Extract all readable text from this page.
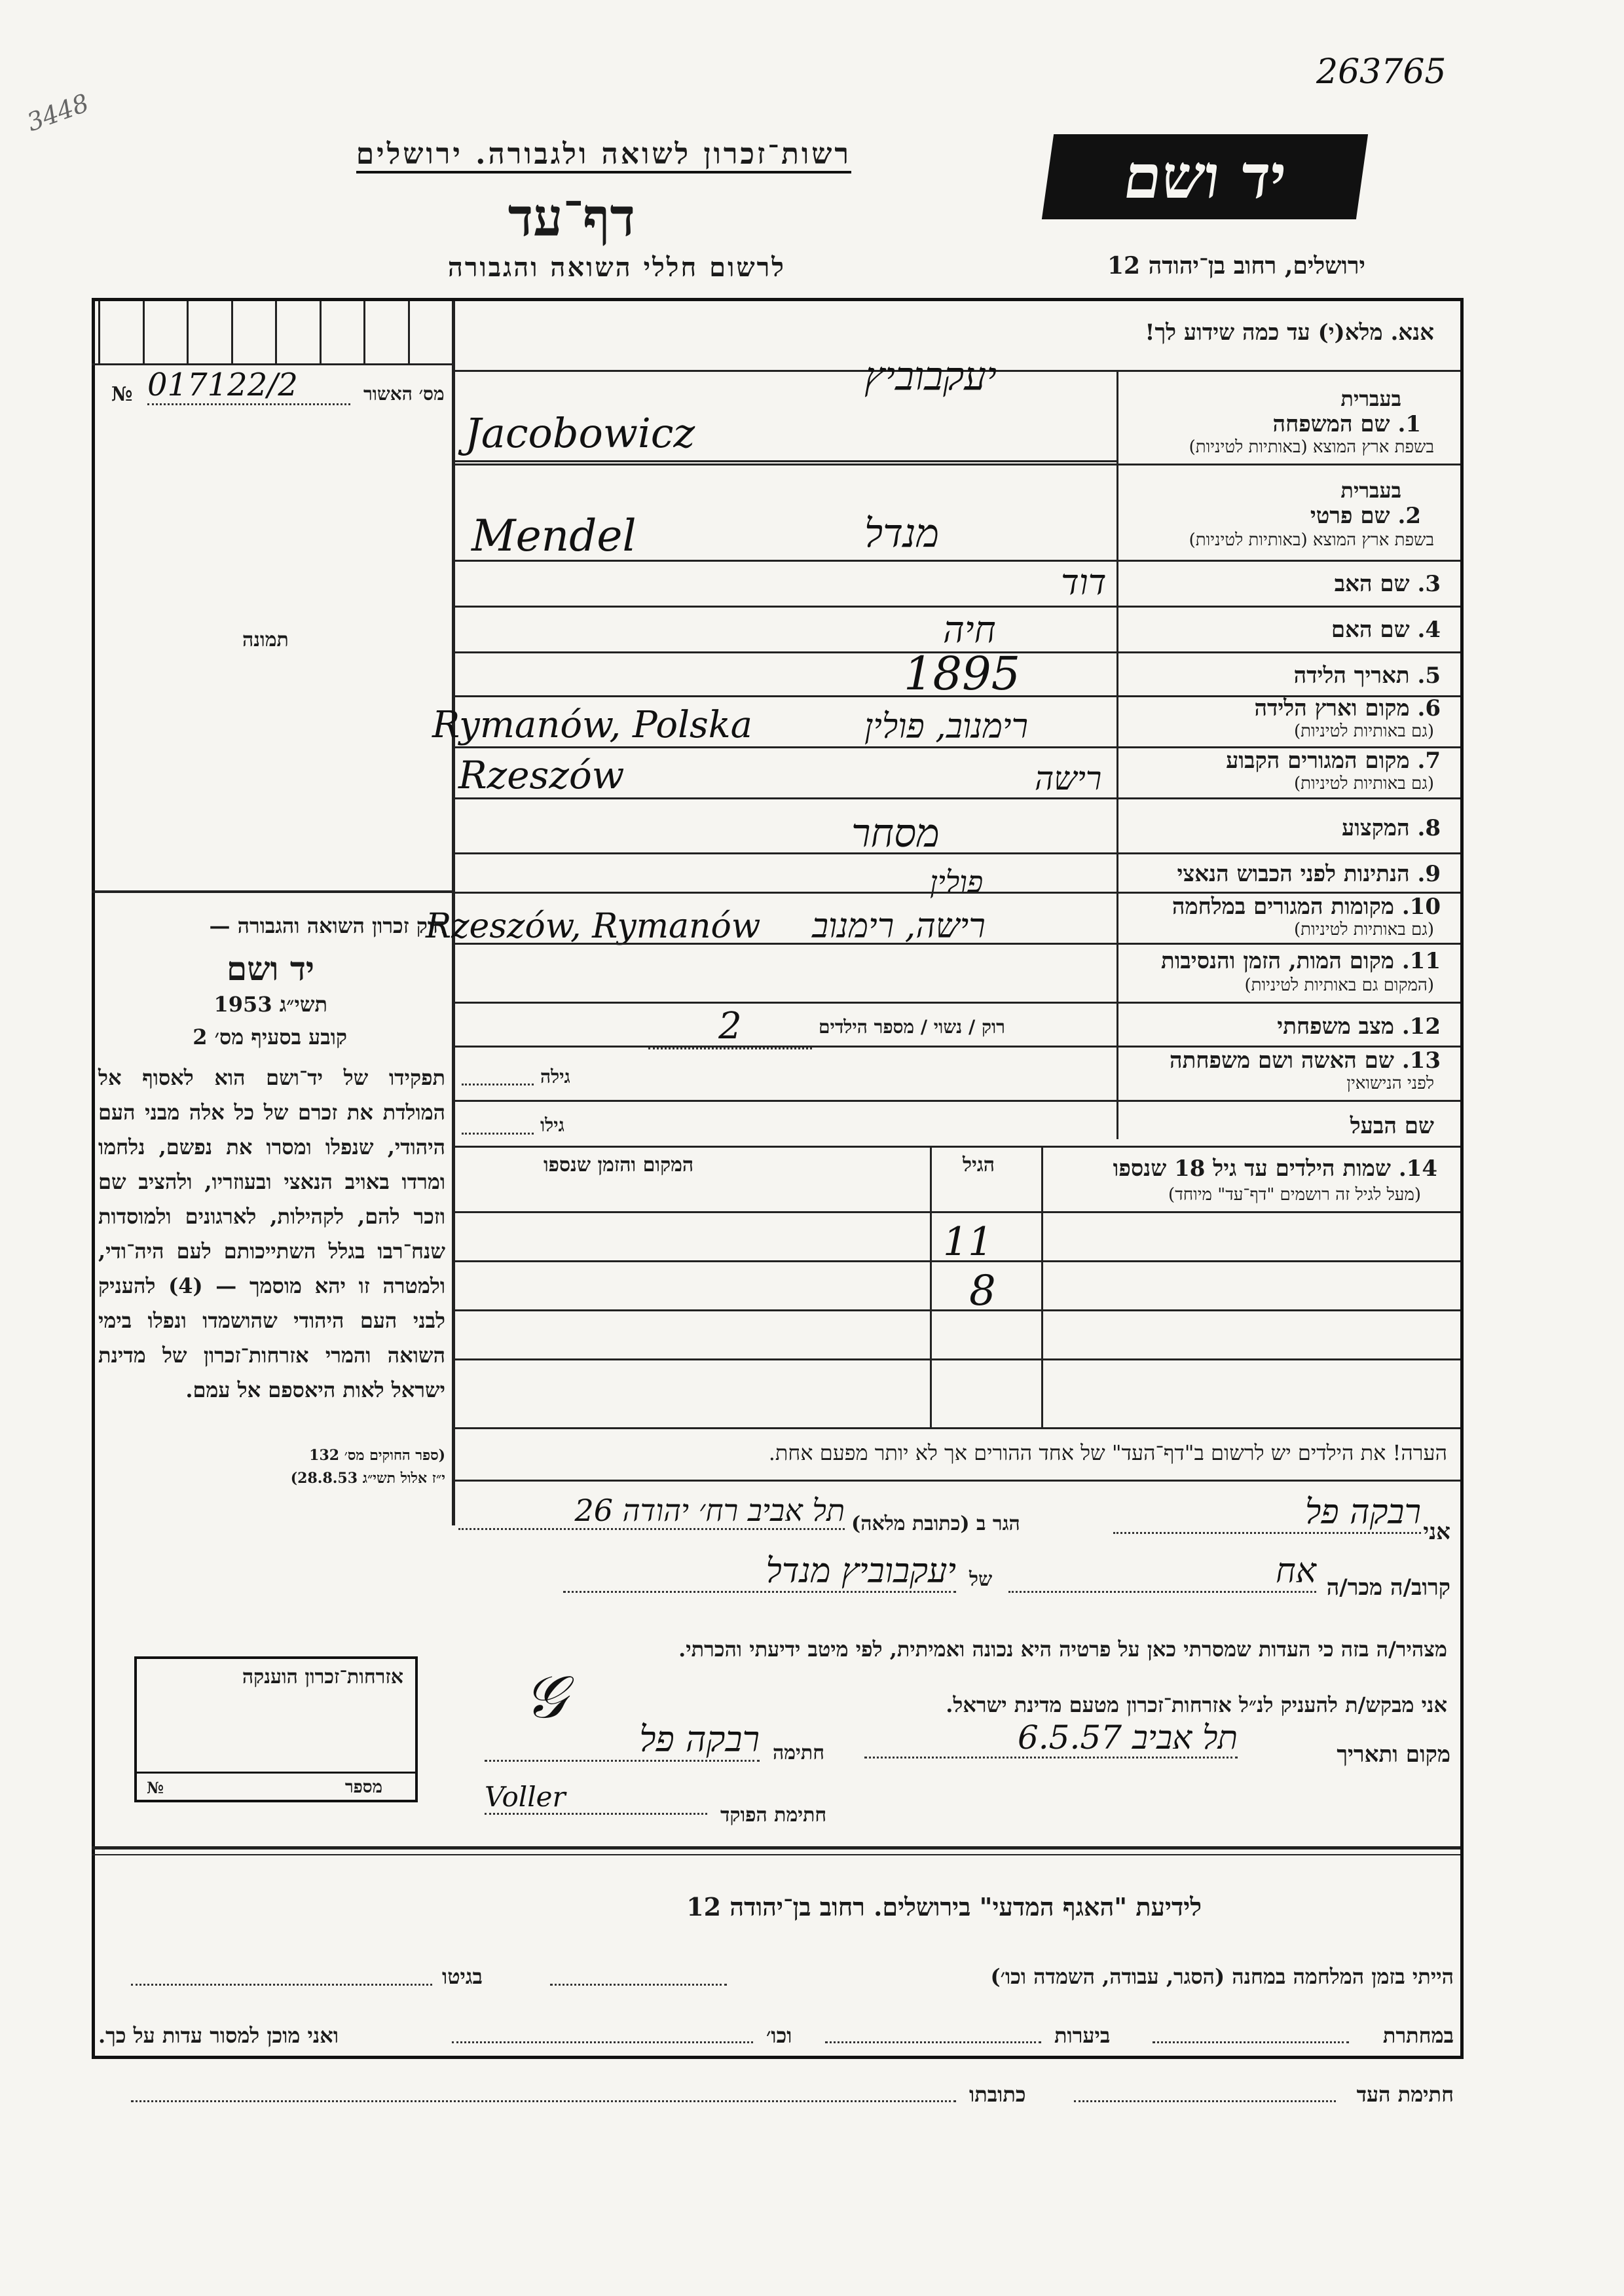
263765
3448
רשות־זכרון לשואה ולגבורה. ירושלים
דף־עד
לרשום חללי השואה והגבורה
יד ושם
ירושלים, רחוב בן־יהודה 12
אנא. מלא(י) עד כמה שידוע לך!
מס׳ האשור
№ 017122/2
תמונה
חוק זכרון השואה והגבורה —
יד ושם
תשי״ג 1953
קובע בסעיף מס׳ 2
תפקידו של יד־ושם הוא לאסוף אל המולדת את זכרם של כל אלה מבני העם היהודי, שנפלו ומסרו את נפשם, נלחמו ומרדו באויב הנאצי ובעוזריו, ולהציב שם וזכר להם, לקהילות, לארגונים ולמוסדות שנח־רבו בגלל השתייכותם לעם היה־ודי, ולמטרה זו יהא מוסמך — (4) להעניק לבני העם היהודי שהושמדו ונפלו בימי השואה והמרי אזרחות־זכרון של מדינת ישראל לאות היאספם אל עמם.
(ספר החוקים מס׳ 132
י״ז אלול תשי״ג 28.8.53)
בעברית
1. שם המשפחה
בשפת ארץ המוצא (באותיות לטיניות)
יעקבוביץ
Jacobowicz
בעברית
2. שם פרטי
בשפת ארץ המוצא (באותיות לטיניות)
מנדל
Mendel
3. שם האב
דוד
4. שם האם
חיה
5. תאריך הלידה
1895
6. מקום וארץ הלידה
(גם באותיות לטיניות)
רימנוב, פולין
Rymanów, Polska
7. מקום המגורים הקבוע
(גם באותיות לטיניות)
רישה
Rzeszów
8. המקצוע
מסחר
9. הנתינות לפני הכבוש הנאצי
פולין
10. מקומות המגורים במלחמה
(גם באותיות לטיניות)
רישה, רימנוב
Rzeszów, Rymanów
11. מקום המות, הזמן והנסיבות
(המקום גם באותיות לטיניות)
12. מצב משפחתי
רוק / נשוי / מספר הילדים
2
13. שם האשה ושם משפחתה
לפני הנישואין
גילה
שם הבעל
גילו
14. שמות הילדים עד גיל 18 שנספו
(מעל לגיל זה רושמים "דף־עד" מיוחד)
הגיל
המקום והזמן שנספו
11
8
הערה! את הילדים יש לרשום ב"דף־העד" של אחד ההורים אך לא יותר מפעם אחת.
אני
רבקה פל
הגר ב (כתובת מלאה)
תל אביב רח׳ יהודה 26
קרוב/ה מכר/ה
אח
של
יעקבוביץ מנדל
מצהיר/ה בזה כי העדות שמסרתי כאן על פרטיה היא נכונה ואמיתית, לפי מיטב ידיעתי והכרתי.
𝒢	אני מבקש/ת להעניק לנ״ל אזרחות־זכרון מטעם מדינת ישראל.
מקום ותאריך
תל אביב 6.5.57
חתימה
רבקה פל
חתימת הפוקד
Voller
אזרחות־זכרון הוענקה
מספר
№
לידיעת "האגף המדעי" בירושלים. רחוב בן־יהודה 12
הייתי בזמן המלחמה במחנה (הסגר, עבודה, השמדה וכו׳)
בגיטו
במחתרת
ביערות
וכו׳
ואני מוכן למסור עדות על כך.
חתימת העד
כתובתו
